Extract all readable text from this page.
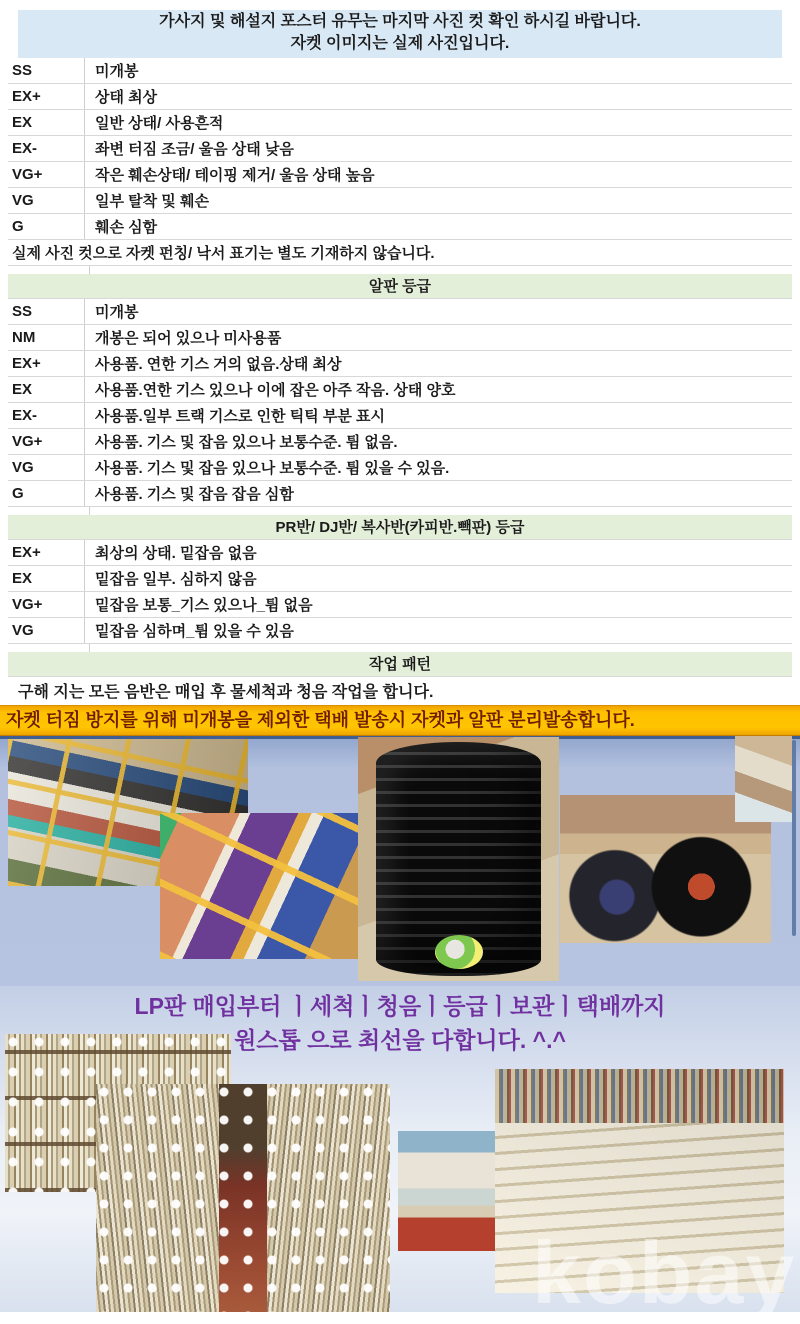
가사지 및 해설지 포스터 유무는 마지막 사진 컷 확인 하시길 바랍니다.
자켓 이미지는 실제 사진입니다.
SS	미개봉
EX+	상태 최상
EX	일반 상태/ 사용흔적
EX-	좌변 터짐 조금/ 울음 상태 낮음
VG+	작은 훼손상태/ 테이핑 제거/ 울음 상태 높음
VG	일부 탈착 및 훼손
G	훼손 심함
실제 사진 컷으로 자켓 펀칭/ 낙서 표기는 별도 기재하지 않습니다.
알판 등급
SS	미개봉
NM	개봉은 되어 있으나 미사용품
EX+	사용품. 연한 기스 거의 없음.상태 최상
EX	사용품.연한 기스 있으나 이에 잡은 아주 작음. 상태 양호
EX-	사용품.일부 트랙 기스로 인한 틱틱 부분 표시
VG+	사용품. 기스 및 잡음 있으나 보통수준. 튐 없음.
VG	사용품. 기스 및 잡음 있으나 보통수준. 튐 있을 수 있음.
G	사용품. 기스 및 잡음 잡음 심함
PR반/ DJ반/ 복사반(카피반.빽판) 등급
EX+	최상의 상태. 밑잡음 없음
EX	밑잡음 일부. 심하지 않음
VG+	밑잡음 보통_기스 있으나_튐 없음
VG	밑잡음 심하며_튐 있을 수 있음
작업 패턴
구해 지는 모든 음반은 매입 후 물세척과 청음 작업을 합니다.
자켓 터짐 방지를 위해 미개봉을 제외한 택배 발송시 자켓과 알판 분리발송합니다.
LP판 매입부터 ㅣ세척ㅣ청음ㅣ등급ㅣ보관ㅣ택배까지
원스톱 으로 최선을 다합니다. ^.^
kobay
